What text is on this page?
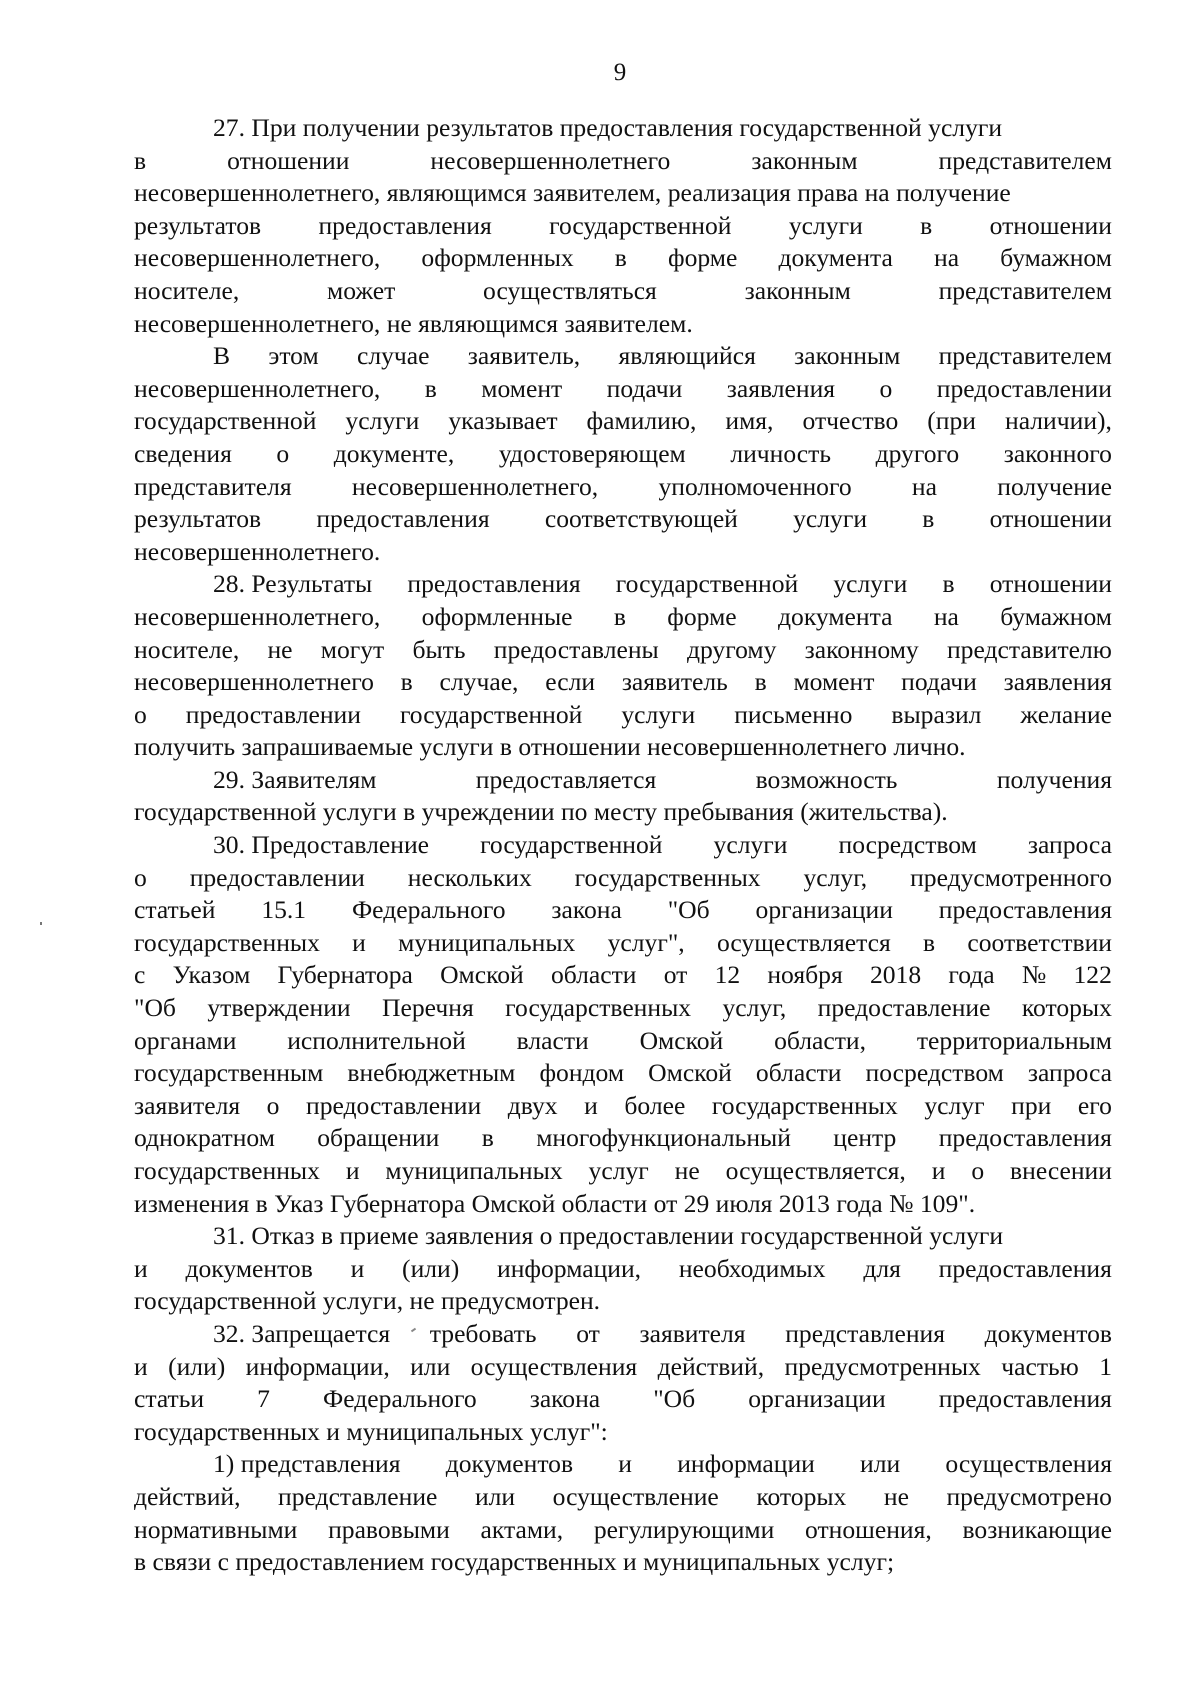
9
27. При получении результатов предоставления государственной услуги
в	отношении	несовершеннолетнего	законным	представителем
несовершеннолетнего, являющимся заявителем, реализация права на получение
результатов предоставления государственной услуги в отношении
несовершеннолетнего, оформленных в форме документа на бумажном
носителе,	может	осуществляться	законным	представителем
несовершеннолетнего, не являющимся заявителем.
В этом случае заявитель, являющийся законным представителем
несовершеннолетнего, в момент подачи заявления о предоставлении
государственной услуги указывает фамилию, имя, отчество (при наличии),
сведения о документе, удостоверяющем личность другого законного
представителя несовершеннолетнего, уполномоченного на получение
результатов предоставления соответствующей услуги в отношении
несовершеннолетнего.
28. Результаты предоставления государственной услуги в отношении
несовершеннолетнего, оформленные в форме документа на бумажном
носителе, не могут быть предоставлены другому законному представителю
несовершеннолетнего в случае, если заявитель в момент подачи заявления
о предоставлении государственной услуги письменно выразил желание
получить запрашиваемые услуги в отношении несовершеннолетнего лично.
29. Заявителям	предоставляется	возможность	получения
государственной услуги в учреждении по месту пребывания (жительства).
30. Предоставление государственной услуги посредством запроса
о предоставлении нескольких государственных услуг, предусмотренного
статьей 15.1 Федерального закона "Об организации предоставления
государственных и муниципальных услуг", осуществляется в соответствии
с Указом Губернатора Омской области от 12 ноября 2018 года № 122
"Об утверждении Перечня государственных услуг, предоставление которых
органами исполнительной власти Омской области, территориальным
государственным внебюджетным фондом Омской области посредством запроса
заявителя о предоставлении двух и более государственных услуг при его
однократном обращении в многофункциональный центр предоставления
государственных и муниципальных услуг не осуществляется, и о внесении
изменения в Указ Губернатора Омской области от 29 июля 2013 года № 109".
31. Отказ в приеме заявления о предоставлении государственной услуги
и документов и (или) информации, необходимых для предоставления
государственной услуги, не предусмотрен.
32. Запрещается требовать от заявителя представления документов
и (или) информации, или осуществления действий, предусмотренных частью 1
статьи 7 Федерального закона "Об организации предоставления
государственных и муниципальных услуг":
1) представления документов и информации или осуществления
действий, представление или осуществление которых не предусмотрено
нормативными правовыми актами, регулирующими отношения, возникающие
в связи с предоставлением государственных и муниципальных услуг;
